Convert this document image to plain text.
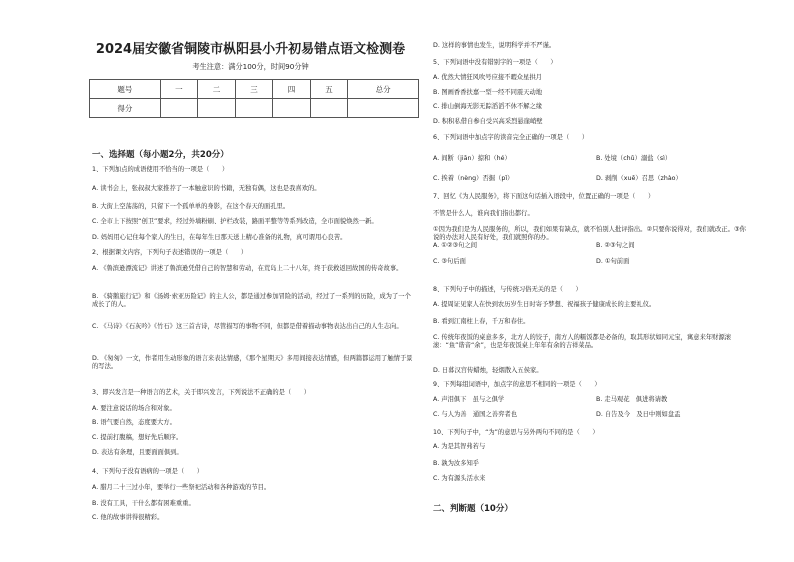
2024届安徽省铜陵市枞阳县小升初易错点语文检测卷
考生注意：满分100分，时间90分钟
题号	一	二	三	四	五	总分
得分						
一、选择题（每小题2分，共20分）
1、下列加点的成语使用不恰当的一项是（　　）
A. 读书会上，张叔叔大家推荐了一本触意识的书籍，无独有偶，这也是我喜欢的。
B. 大街上空荡荡的，只留下一个孤单单的身影，在这个春天的面孔里。
C. 全市上下按照“创卫”要求，经过外墙粉刷、护栏改装，路面平整等等系列改造，全市面貌焕然一新。
D. 妈妈用心记住每个家人的生日，在每年生日那天送上精心准备的礼物，真可谓用心良苦。
2、根据课文内容，下列句子表述错误的一项是（　　）
A. 《鲁滨逊漂流记》讲述了鲁滨逊凭借自己的智慧和劳动，在荒岛上二十八年，终于获救返回故国的传奇故事。
B. 《骑鹅旅行记》和《汤姆·索亚历险记》的主人公，都是通过参加冒险的活动，经过了一系列的历险，成为了一个成长了的人。
C. 《马诗》《石灰吟》《竹石》这三首古诗，尽管描写的事物不同，但都是借着描动事物表达出自己的人生志向。
D. 《匆匆》一文，作者用生动形象的语言来表达情感，《那个星期天》多用间接表达情感，但两篇都运用了触情于景的写法。
3、即兴发言是一种语言的艺术，关于即兴发言，下列说法不正确的是（　　）
A. 要注意说话的场合和对象。
B. 语气要自然，态度要大方。
C. 提前打腹稿，想好先后顺序。
D. 表达有条理，且要面面俱到。
4、下列句子没有语病的一项是（　　）
A. 腊月二十三过小年，要举行一些祭祀活动和各种游戏的节目。
B. 没有工具，干什么都有困难重重。
C. 他的故事讲得很精彩。
D. 这样的事情也发生，说明科学并不严谨。
5、下列词语中没有错别字的一项是（　　）
A. 优然大情狂风吹号应接不暇众星拱月
B. 图画香香扶嘉一型一经不同震天动地
C. 排山倒海无影无踪滔滔不休不解之缘
D. 积积私借自参自受兴高采烈悬崖峭壁
6、下列词语中加点字的读音完全正确的一项是（　　）
7、回忆《为人民服务》，将下面这句话插入语段中，位置正确的一项是（　　）
不管是什么人，谁向我们指出都行。
①因为我们是为人民服务的，所以，我们如果有缺点，就不怕别人批评指出。②只要你说得对，我们就改正。③你说的办法对人民有好处，我们就照你的办。
8、下列句子中的描述，与传统习俗无关的是（　　）
A. 提周证见家人在快到农历岁生日时寄予梦想、祝福孩子健康成长的主要礼仪。
B. 看到江南柱上春，千万和春住。
C. 传统年夜饭的桌意多多，北方人的饺子，南方人的糯饭都是必备的，取其形状如同元宝，寓意来年财源滚滚：“鱼”谐音“余”，也是年夜饭桌上年年有余的吉祥菜品。
D. 日暮汉宫传蜡烛，轻烟散入五侯家。
9、下列每组词语中，加点字的意思不相同的一项是（　　）
10、下列句子中，“为”的意思与另外两句不同的是（　　）
A. 为是其智弗若与
B. 孰为汝多知乎
C. 为有源头活水来
A. 间断（jiān）掠和（hé）	B. 处境（chǔ）溺盐（sì）
C. 挨着（nèng）否掘（pǐ）	D. 剥削（xuē）召思（zhào）
A. ①②③句之间	B. ②③句之间
C. ③句后面	D. ①句前面
A. 声泪俱下　虽与之俱学	B. 走马观花　俱进将请教
C. 与人为善　通国之善弈者也	D. 自告及今　及日中则如盘盂
二、判断题（10分）
